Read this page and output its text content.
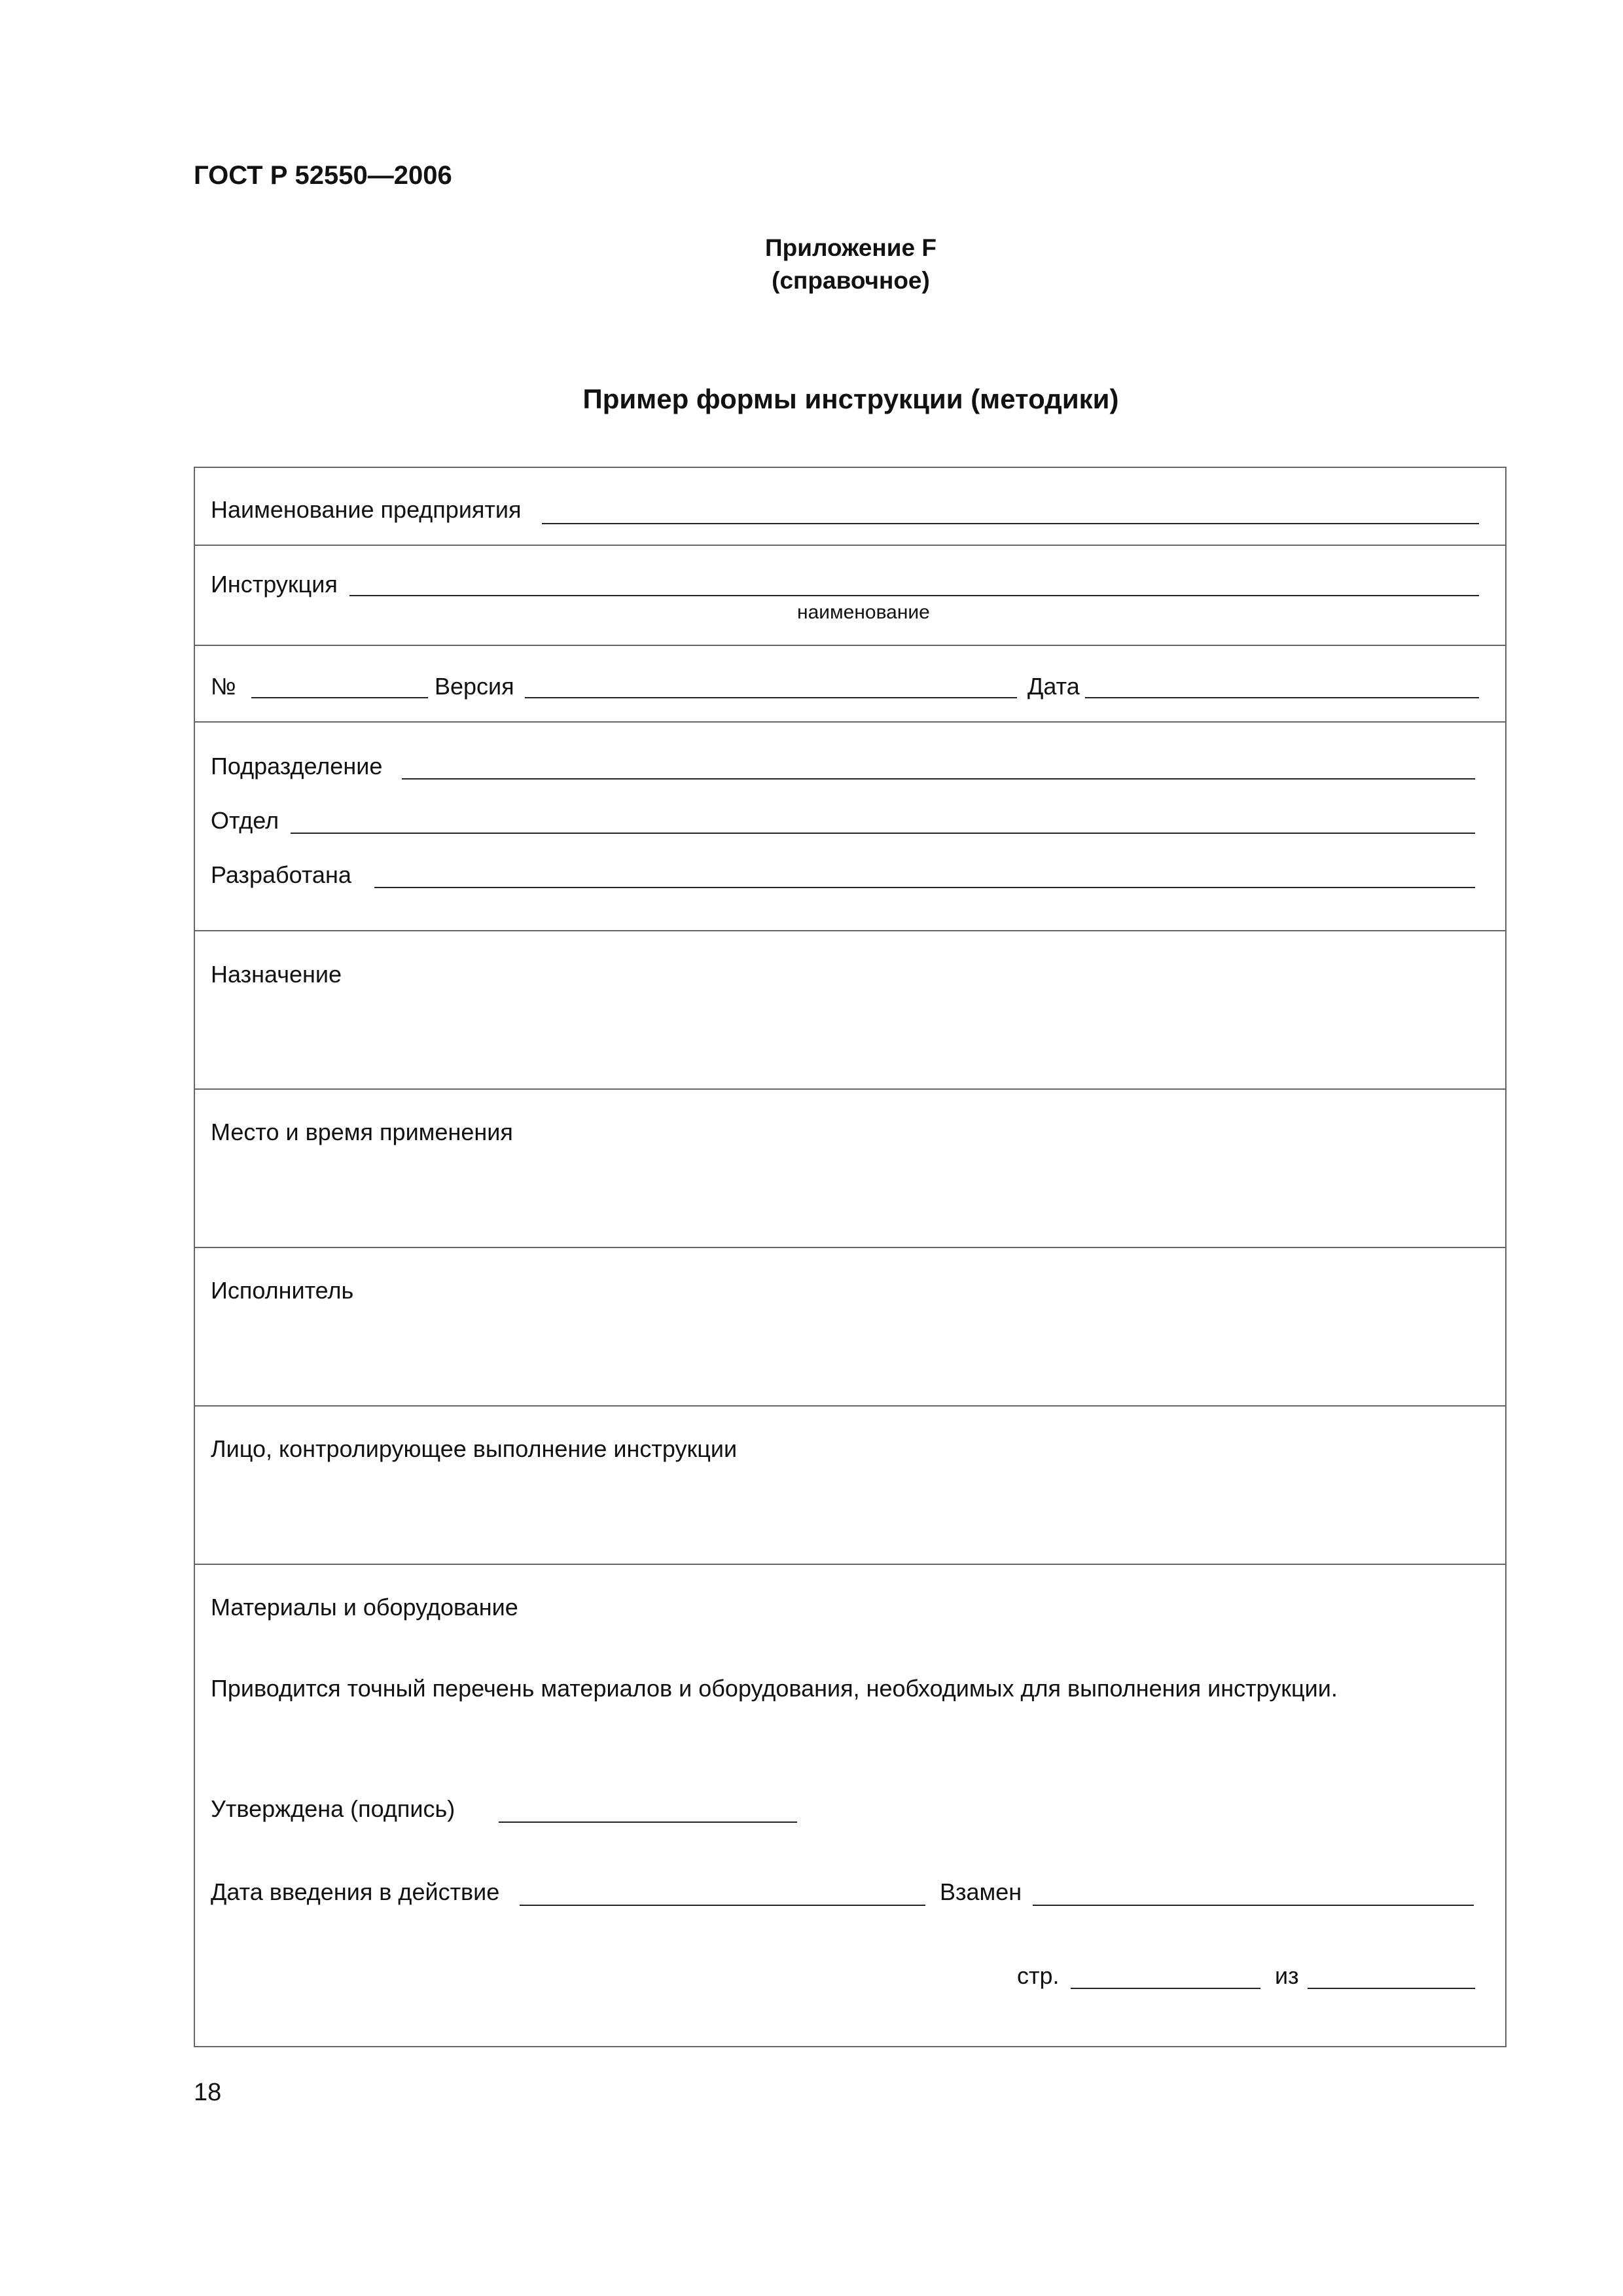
ГОСТ Р 52550—2006
Приложение F
(справочное)
Пример формы инструкции (методики)
Наименование предприятия
Инструкция
наименование
№	Версия	Дата
Подразделение
Отдел
Разработана
Назначение
Место и время применения
Исполнитель
Лицо, контролирующее выполнение инструкции
Материалы и оборудование
Приводится точный перечень материалов и оборудования, необходимых для выполнения инструкции.
Утверждена (подпись)
Дата введения в действие	Взамен
стр.	из
18
